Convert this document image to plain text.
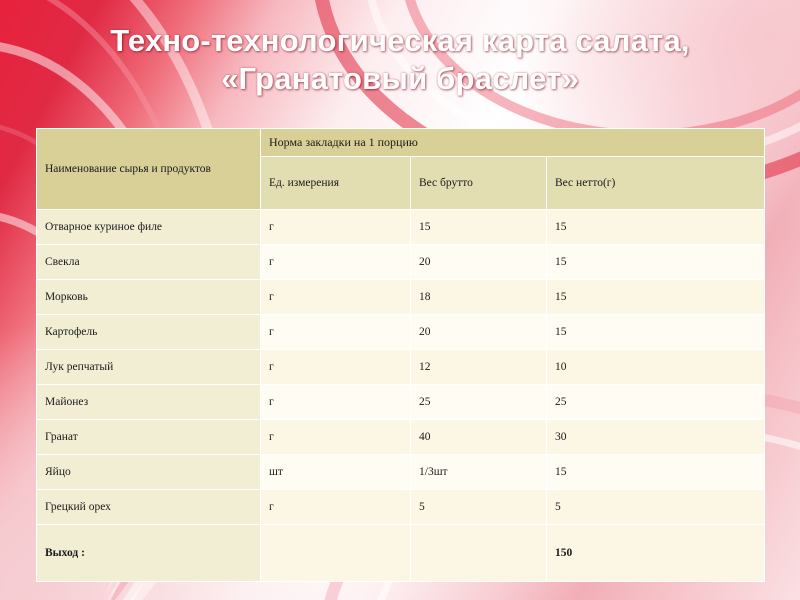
Техно-технологическая карта салата, «Гранатовый браслет»
Наименование сырья и продуктов	Норма закладки на 1 порцию		
	Ед. измерения	Вес брутто	Вес нетто(г)
Отварное куриное филе	г	15	15
Свекла	г	20	15
Морковь	г	18	15
Картофель	г	20	15
Лук репчатый	г	12	10
Майонез	г	25	25
Гранат	г	40	30
Яйцо	шт	1/3шт	15
Грецкий орех	г	5	5
Выход :			150
